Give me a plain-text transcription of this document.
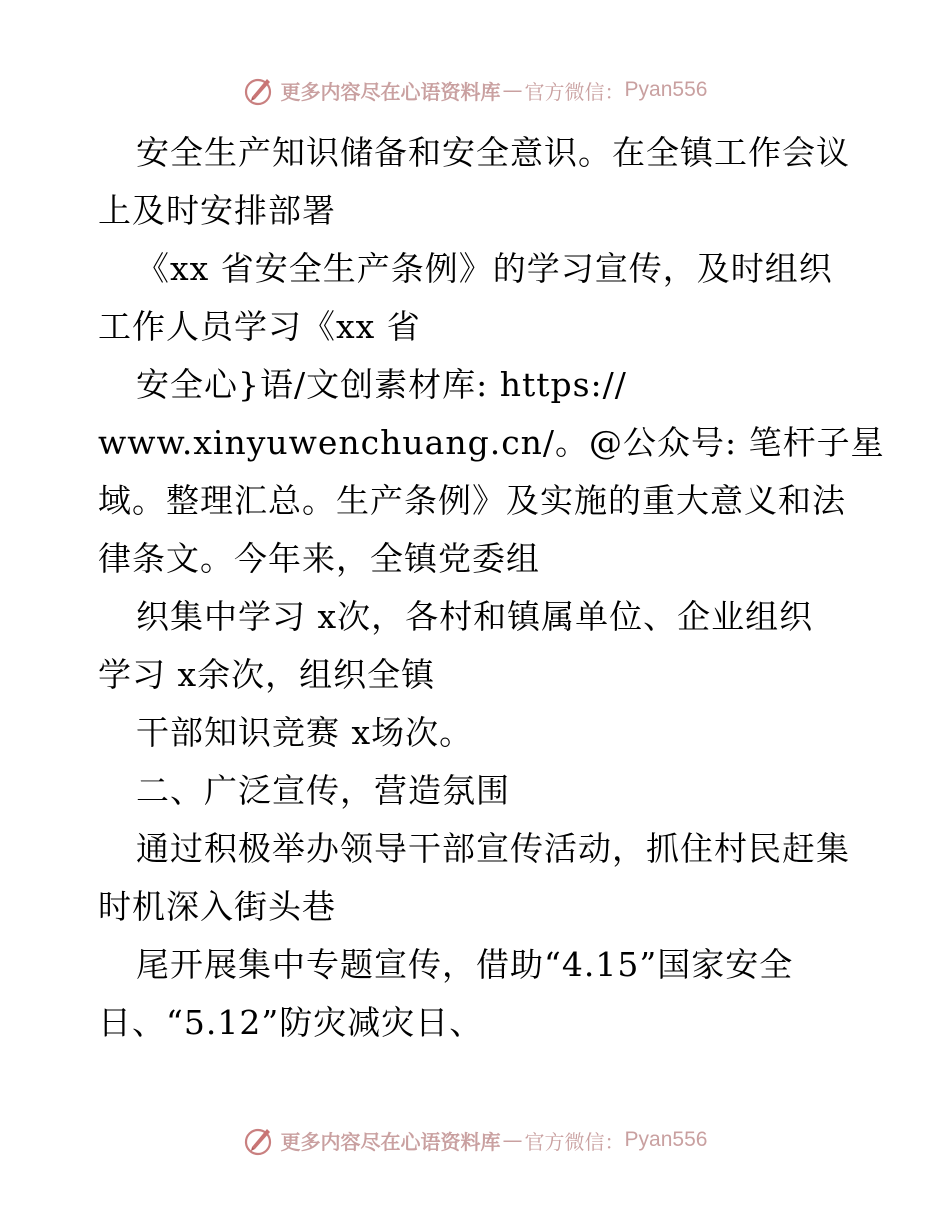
更多内容尽在心语资料库 — 官方微信： Pyan556
安全生产知识储备和安全意识。在全镇工作会议
上及时安排部署
《xx 省安全生产条例》的学习宣传，及时组织
工作人员学习《xx 省
安全心}语/文创素材库: https://
www.xinyuwenchuang.cn/。@公众号: 笔杆子星
域。整理汇总。生产条例》及实施的重大意义和法
律条文。今年来，全镇党委组
织集中学习 x次，各村和镇属单位、企业组织
学习 x余次，组织全镇
干部知识竞赛 x场次。
二、广泛宣传，营造氛围
通过积极举办领导干部宣传活动，抓住村民赶集
时机深入街头巷
尾开展集中专题宣传，借助“4.15”国家安全
日、“5.12”防灾减灾日、
更多内容尽在心语资料库 — 官方微信： Pyan556
